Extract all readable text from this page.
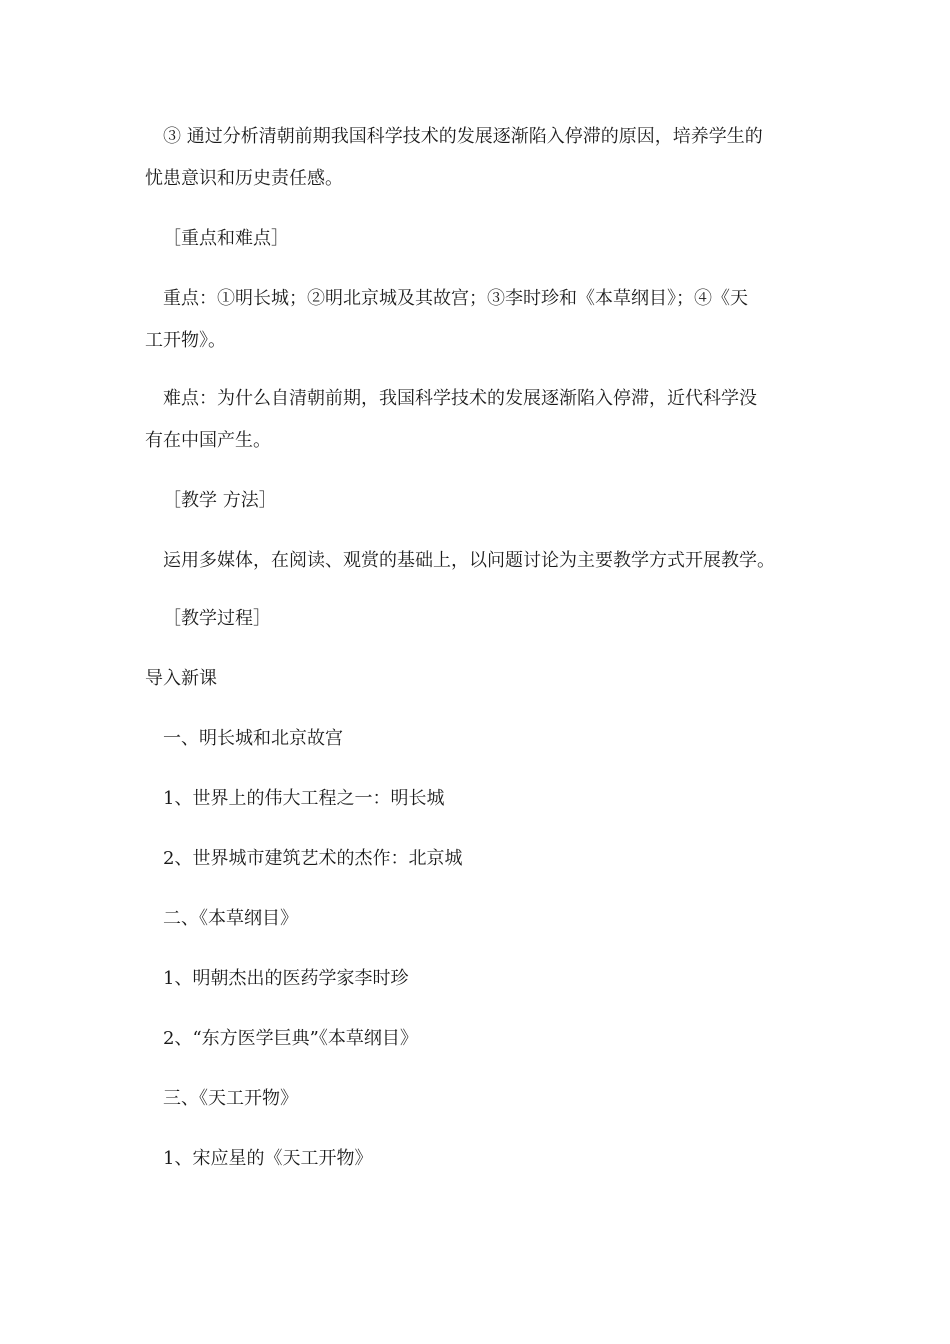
③ 通过分析清朝前期我国科学技术的发展逐渐陷入停滞的原因，培养学生的
忧患意识和历史责任感。
［重点和难点］
重点：①明长城；②明北京城及其故宫；③李时珍和《本草纲目》；④《天
工开物》。
难点：为什么自清朝前期，我国科学技术的发展逐渐陷入停滞，近代科学没
有在中国产生。
［教学 方法］
运用多媒体，在阅读、观赏的基础上，以问题讨论为主要教学方式开展教学。
［教学过程］
导入新课
一、明长城和北京故宫
1、世界上的伟大工程之一：明长城
2、世界城市建筑艺术的杰作：北京城
二、《本草纲目》
1、明朝杰出的医药学家李时珍
2、“东方医学巨典”《本草纲目》
三、《天工开物》
1、宋应星的《天工开物》
